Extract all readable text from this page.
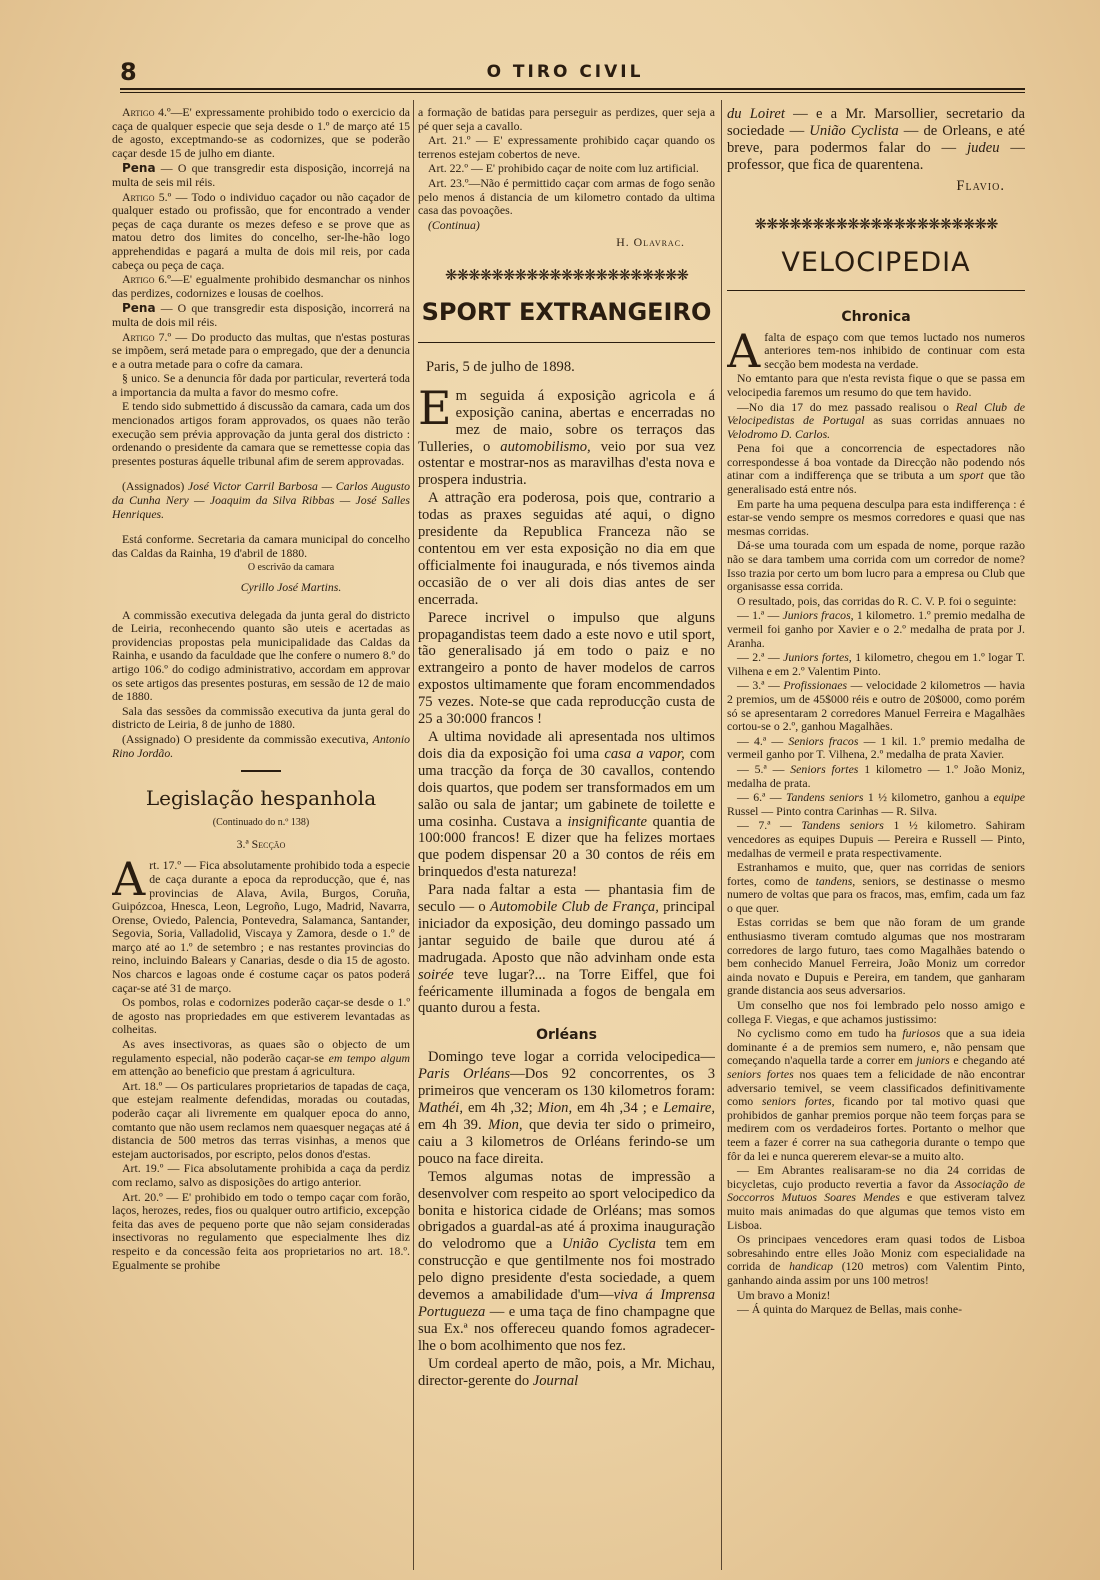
8	O TIRO CIVIL

Artigo 4.º—E' expressamente prohibido todo o exercicio da caça de qualquer especie que seja desde o 1.º de março até 15 de agosto, exceptmando-se as codornizes, que se poderão caçar desde 15 de julho em diante.

Pena — O que transgredir esta disposição, incorrejá na multa de seis mil réis.

Artigo 5.º — Todo o individuo caçador ou não caçador de qualquer estado ou profissão, que for encontrado a vender peças de caça durante os mezes defeso e se prove que as matou detro dos limites do concelho, ser-lhe-hão logo apprehendidas e pagará a multa de dois mil reis, por cada cabeça ou peça de caça.

Artigo 6.º—E' egualmente prohibido desmanchar os ninhos das perdizes, codornizes e lousas de coelhos.

Pena — O que transgredir esta disposição, incorrerá na multa de dois mil réis.

Artigo 7.º — Do producto das multas, que n'estas posturas se impõem, será metade para o empregado, que der a denuncia e a outra metade para o cofre da camara.

§ unico. Se a denuncia fôr dada por particular, reverterá toda a importancia da multa a favor do mesmo cofre.

E tendo sido submettido á discussão da camara, cada um dos mencionados artigos foram approvados, os quaes não terão execução sem prévia approvação da junta geral dos districto : ordenando o presidente da camara que se remettesse copia das presentes posturas áquelle tribunal afim de serem approvadas.

(Assignados) José Victor Carril Barbosa — Carlos Augusto da Cunha Nery — Joaquim da Silva Ribbas — José Salles Henriques.

Está conforme. Secretaria da camara municipal do concelho das Caldas da Rainha, 19 d'abril de 1880.

O escrivão da camara

Cyrillo José Martins.

A commissão executiva delegada da junta geral do districto de Leiria, reconhecendo quanto são uteis e acertadas as providencias propostas pela municipalidade das Caldas da Rainha, e usando da faculdade que lhe confere o numero 8.º do artigo 106.º do codigo administrativo, accordam em approvar os sete artigos das presentes posturas, em sessão de 12 de maio de 1880.

Sala das sessões da commissão executiva da junta geral do districto de Leiria, 8 de junho de 1880.

(Assignado) O presidente da commissão executiva, Antonio Rino Jordão.

Legislação hespanhola

(Continuado do n.º 138)

3.ª Secção

Art. 17.º — Fica absolutamente prohibido toda a especie de caça durante a epoca da reproducção, que é, nas provincias de Alava, Avila, Burgos, Coruña, Guipózcoa, Hnesca, Leon, Legroño, Lugo, Madrid, Navarra, Orense, Oviedo, Palencia, Pontevedra, Salamanca, Santander, Segovia, Soria, Valladolid, Viscaya y Zamora, desde o 1.º de março até ao 1.º de setembro ; e nas restantes provincias do reino, incluindo Balears y Canarias, desde o dia 15 de agosto. Nos charcos e lagoas onde é costume caçar os patos poderá caçar-se até 31 de março.

Os pombos, rolas e codornizes poderão caçar-se desde o 1.º de agosto nas propriedades em que estiverem levantadas as colheitas.

As aves insectivoras, as quaes são o objecto de um regulamento especial, não poderão caçar-se em tempo algum em attenção ao beneficio que prestam á agricultura.

Art. 18.º — Os particulares proprietarios de tapadas de caça, que estejam realmente defendidas, moradas ou coutadas, poderão caçar ali livremente em qualquer epoca do anno, comtanto que não usem reclamos nem quaesquer negaças até á distancia de 500 metros das terras visinhas, a menos que estejam auctorisados, por escripto, pelos donos d'estas.

Art. 19.º — Fica absolutamente prohibida a caça da perdiz com reclamo, salvo as disposições do artigo anterior.

Art. 20.º — E' prohibido em todo o tempo caçar com forão, laços, herozes, redes, fios ou qualquer outro artificio, excepção feita das aves de pequeno porte que não sejam consideradas insectivoras no regulamento que especialmente lhes diz respeito e da concessão feita aos proprietarios no art. 18.º. Egualmente se prohibe

a formação de batidas para perseguir as perdizes, quer seja a pé quer seja a cavallo.

Art. 21.º — E' expressamente prohibido caçar quando os terrenos estejam cobertos de neve.

Art. 22.º — E' prohibido caçar de noite com luz artificial.

Art. 23.º—Não é permittido caçar com armas de fogo senão pelo menos á distancia de um kilometro contado da ultima casa das povoações.

(Continua)

H. Olavrac.

❋❋❋❋❋❋❋❋❋❋❋❋❋❋❋❋❋❋❋❋❋
SPORT EXTRANGEIRO

Paris, 5 de julho de 1898.

Em seguida á exposição agricola e á exposição canina, abertas e encerradas no mez de maio, sobre os terraços das Tulleries, o automobilismo, veio por sua vez ostentar e mostrar-nos as maravilhas d'esta nova e prospera industria.

A attração era poderosa, pois que, contrario a todas as praxes seguidas até aqui, o digno presidente da Republica Franceza não se contentou em ver esta exposição no dia em que officialmente foi inaugurada, e nós tivemos ainda occasião de o ver ali dois dias antes de ser encerrada.

Parece incrivel o impulso que alguns propagandistas teem dado a este novo e util sport, tão generalisado já em todo o paiz e no extrangeiro a ponto de haver modelos de carros expostos ultimamente que foram encommendados 75 vezes. Note-se que cada reproducção custa de 25 a 30:000 francos !

A ultima novidade ali apresentada nos ultimos dois dia da exposição foi uma casa a vapor, com uma tracção da força de 30 cavallos, contendo dois quartos, que podem ser transformados em um salão ou sala de jantar; um gabinete de toilette e uma cosinha. Custava a insignificante quantia de 100:000 francos! E dizer que ha felizes mortaes que podem dispensar 20 a 30 contos de réis em brinquedos d'esta natureza!

Para nada faltar a esta — phantasia fim de seculo — o Automobile Club de França, principal iniciador da exposição, deu domingo passado um jantar seguido de baile que durou até á madrugada. Aposto que não advinham onde esta soirée teve lugar?... na Torre Eiffel, que foi feéricamente illuminada a fogos de bengala em quanto durou a festa.

Orléans

Domingo teve logar a corrida velocipedica—Paris Orléans—Dos 92 concorrentes, os 3 primeiros que venceram os 130 kilometros foram: Mathéi, em 4h ,32; Mion, em 4h ,34 ; e Lemaire, em 4h 39. Mion, que devia ter sido o primeiro, caiu a 3 kilometros de Orléans ferindo-se um pouco na face direita.

Temos algumas notas de impressão a desenvolver com respeito ao sport velocipedico da bonita e historica cidade de Orléans; mas somos obrigados a guardal-as até á proxima inauguração do velodromo que a União Cyclista tem em construcção e que gentilmente nos foi mostrado pelo digno presidente d'esta sociedade, a quem devemos a amabilidade d'um—viva á Imprensa Portugueza — e uma taça de fino champagne que sua Ex.ª nos offereceu quando fomos agradecer-lhe o bom acolhimento que nos fez.

Um cordeal aperto de mão, pois, a Mr. Michau, director-gerente do Journal

du Loiret — e a Mr. Marsollier, secretario da sociedade — União Cyclista — de Orleans, e até breve, para podermos falar do — judeu — professor, que fica de quarentena.

Flavio.

❋❋❋❋❋❋❋❋❋❋❋❋❋❋❋❋❋❋❋❋❋
VELOCIPEDIA
Chronica

Afalta de espaço com que temos luctado nos numeros anteriores tem-nos inhibido de continuar com esta secção bem modesta na verdade.

No emtanto para que n'esta revista fique o que se passa em velocipedia faremos um resumo do que tem havido.

—No dia 17 do mez passado realisou o Real Club de Velocipedistas de Portugal as suas corridas annuaes no Velodromo D. Carlos.

Pena foi que a concorrencia de espectadores não correspondesse á boa vontade da Direcção não podendo nós atinar com a indifferença que se tributa a um sport que tão generalisado está entre nós.

Em parte ha uma pequena desculpa para esta indifferença : é estar-se vendo sempre os mesmos corredores e quasi que nas mesmas corridas.

Dá-se uma tourada com um espada de nome, porque razão não se dara tambem uma corrida com um corredor de nome? Isso trazia por certo um bom lucro para a empresa ou Club que organisasse essa corrida.

O resultado, pois, das corridas do R. C. V. P. foi o seguinte:

— 1.ª — Juniors fracos, 1 kilometro. 1.º premio medalha de vermeil foi ganho por Xavier e o 2.º medalha de prata por J. Aranha.

— 2.ª — Juniors fortes, 1 kilometro, chegou em 1.º logar T. Vilhena e em 2.º Valentim Pinto.

— 3.ª — Profissionaes — velocidade 2 kilometros — havia 2 premios, um de 45$000 réis e outro de 20$000, como porém só se apresentaram 2 corredores Manuel Ferreira e Magalhães cortou-se o 2.º, ganhou Magalhães.

— 4.ª — Seniors fracos — 1 kil. 1.º premio medalha de vermeil ganho por T. Vilhena, 2.º medalha de prata Xavier.

— 5.ª — Seniors fortes 1 kilometro — 1.º João Moniz, medalha de prata.

— 6.ª — Tandens seniors 1 ½ kilometro, ganhou a equipe Russel — Pinto contra Carinhas — R. Silva.

— 7.ª — Tandens seniors 1 ½ kilometro. Sahiram vencedores as equipes Dupuis — Pereira e Russell — Pinto, medalhas de vermeil e prata respectivamente.

Estranhamos e muito, que, quer nas corridas de seniors fortes, como de tandens, seniors, se destinasse o mesmo numero de voltas que para os fracos, mas, emfim, cada um faz o que quer.

Estas corridas se bem que não foram de um grande enthusiasmo tiveram comtudo algumas que nos mostraram corredores de largo futuro, taes como Magalhães batendo o bem conhecido Manuel Ferreira, João Moniz um corredor ainda novato e Dupuis e Pereira, em tandem, que ganharam grande distancia aos seus adversarios.

Um conselho que nos foi lembrado pelo nosso amigo e collega F. Viegas, e que achamos justissimo:

No cyclismo como em tudo ha furiosos que a sua ideia dominante é a de premios sem numero, e, não pensam que começando n'aquella tarde a correr em juniors e chegando até seniors fortes nos quaes tem a felicidade de não encontrar adversario temivel, se veem classificados definitivamente como seniors fortes, ficando por tal motivo quasi que prohibidos de ganhar premios porque não teem forças para se medirem com os verdadeiros fortes. Portanto o melhor que teem a fazer é correr na sua cathegoria durante o tempo que fôr da lei e nunca quererem elevar-se a muito alto.

— Em Abrantes realisaram-se no dia 24 corridas de bicycletas, cujo producto revertia a favor da Associação de Soccorros Mutuos Soares Mendes e que estiveram talvez muito mais animadas do que algumas que temos visto em Lisboa.

Os principaes vencedores eram quasi todos de Lisboa sobresahindo entre elles João Moniz com especialidade na corrida de handicap (120 metros) com Valentim Pinto, ganhando ainda assim por uns 100 metros!

Um bravo a Moniz!

— Á quinta do Marquez de Bellas, mais conhe-
